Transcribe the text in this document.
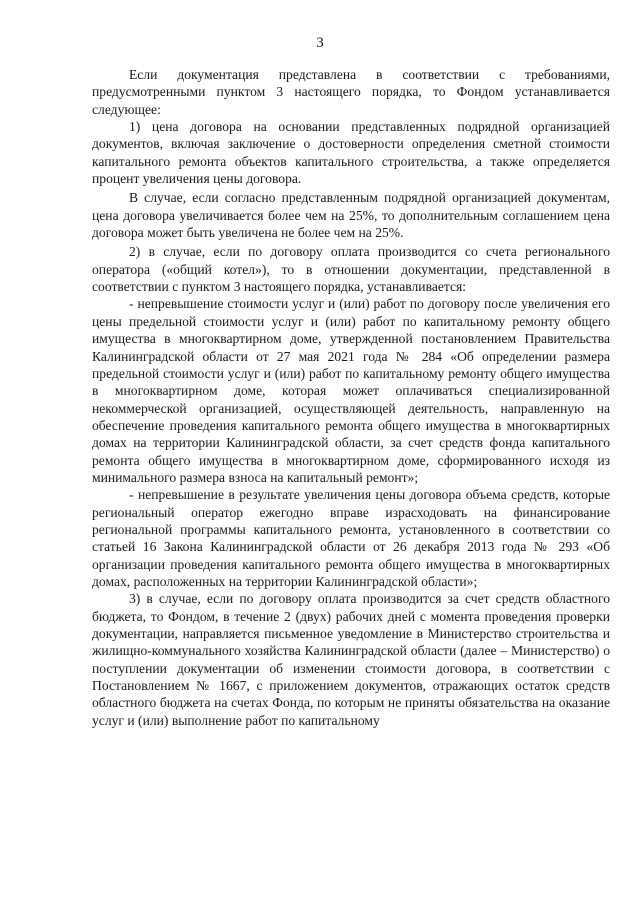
3

Если документация представлена в соответствии с требованиями, предусмотренными пунктом 3 настоящего порядка, то Фондом устанавливается следующее:

1) цена договора на основании представленных подрядной организацией документов, включая заключение о достоверности определения сметной стоимости капитального ремонта объектов капитального строительства, а также определяется процент увеличения цены договора.

В случае, если согласно представленным подрядной организацией документам, цена договора увеличивается более чем на 25%, то дополнительным соглашением цена договора может быть увеличена не более чем на 25%.

2) в случае, если по договору оплата производится со счета регионального оператора («общий котел»), то в отношении документации, представленной в соответствии с пунктом 3 настоящего порядка, устанавливается:

- непревышение стоимости услуг и (или) работ по договору после увеличения его цены предельной стоимости услуг и (или) работ по капитальному ремонту общего имущества в многоквартирном доме, утвержденной постановлением Правительства Калининградской области от 27 мая 2021 года № 284 «Об определении размера предельной стоимости услуг и (или) работ по капитальному ремонту общего имущества в многоквартирном доме, которая может оплачиваться специализированной некоммерческой организацией, осуществляющей деятельность, направленную на обеспечение проведения капитального ремонта общего имущества в многоквартирных домах на территории Калининградской области, за счет средств фонда капитального ремонта общего имущества в многоквартирном доме, сформированного исходя из минимального размера взноса на капитальный ремонт»;

- непревышение в результате увеличения цены договора объема средств, которые региональный оператор ежегодно вправе израсходовать на финансирование региональной программы капитального ремонта, установленного в соответствии со статьей 16 Закона Калининградской области от 26 декабря 2013 года № 293 «Об организации проведения капитального ремонта общего имущества в многоквартирных домах, расположенных на территории Калининградской области»;

3) в случае, если по договору оплата производится за счет средств областного бюджета, то Фондом, в течение 2 (двух) рабочих дней с момента проведения проверки документации, направляется письменное уведомление в Министерство строительства и жилищно-коммунального хозяйства Калининградской области (далее – Министерство) о поступлении документации об изменении стоимости договора, в соответствии с Постановлением № 1667, с приложением документов, отражающих остаток средств областного бюджета на счетах Фонда, по которым не приняты обязательства на оказание услуг и (или) выполнение работ по капитальному
